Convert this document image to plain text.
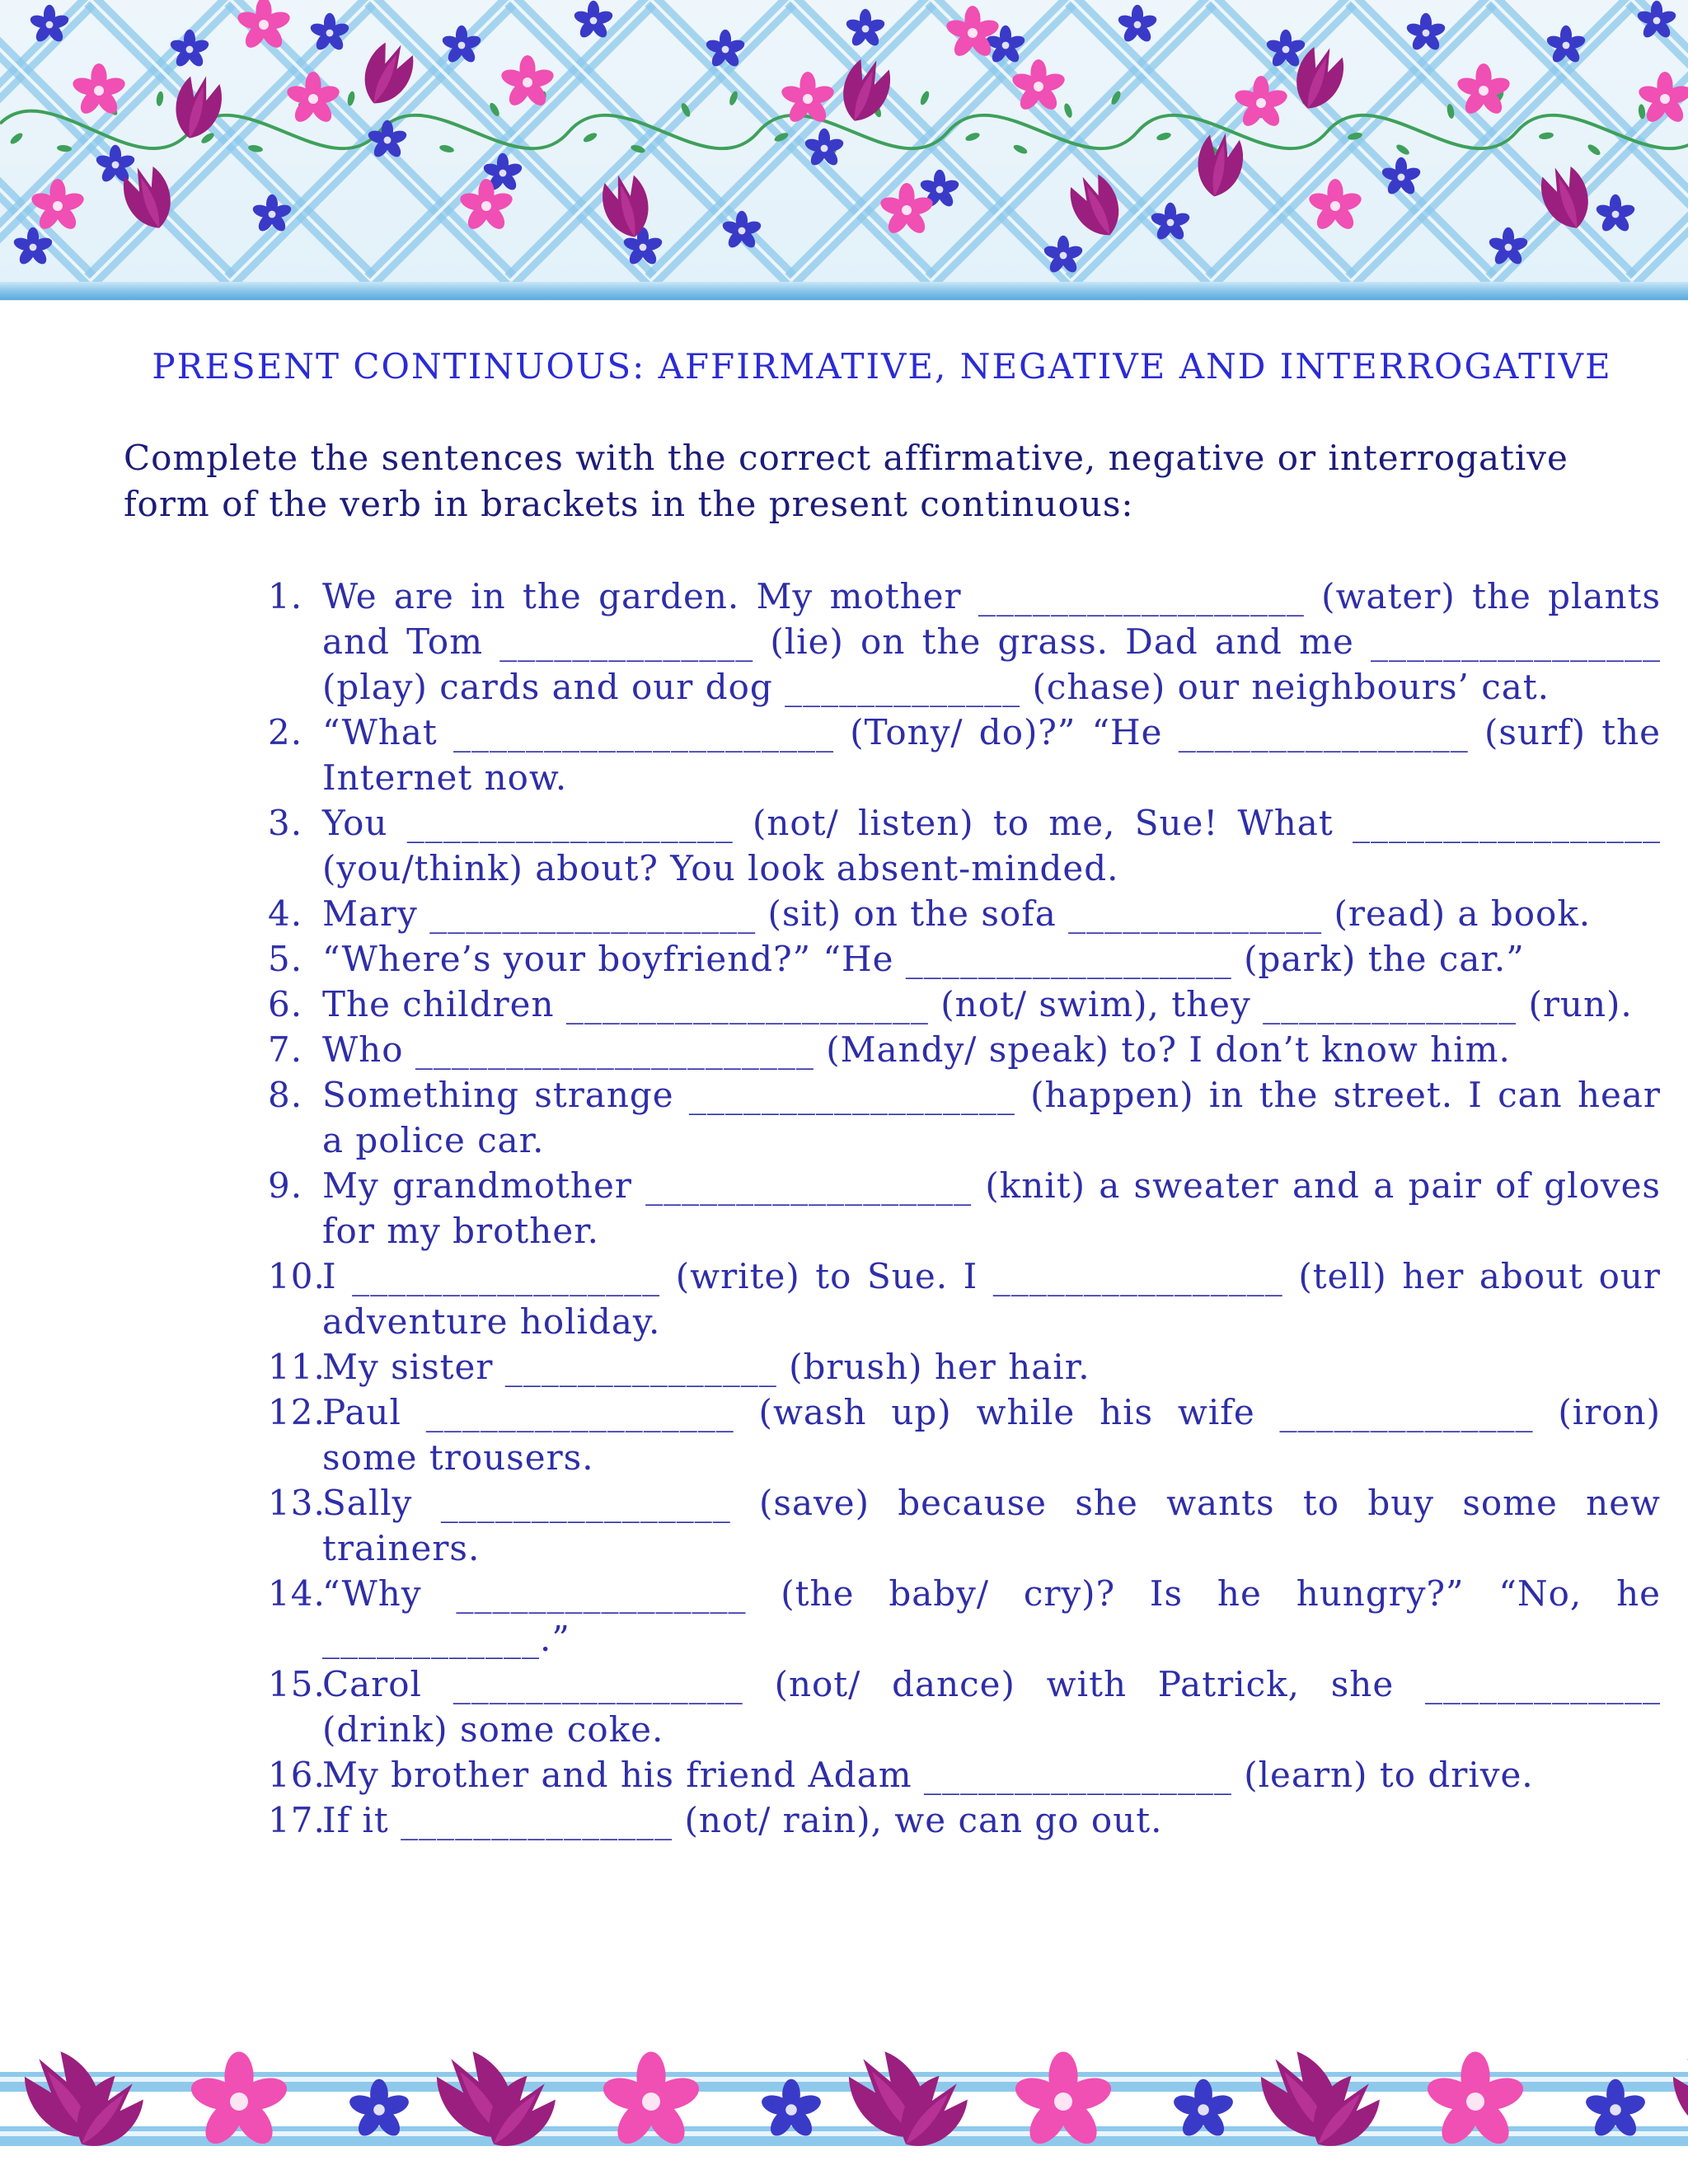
PRESENT CONTINUOUS: AFFIRMATIVE, NEGATIVE AND INTERROGATIVE
Complete the sentences with the correct affirmative, negative or interrogative form of the verb in brackets in the present continuous:
1. We are in the garden. My mother __________________ (water) the plants and Tom ______________ (lie) on the grass. Dad and me ________________ (play) cards and our dog _____________ (chase) our neighbours’ cat.
2. “What _____________________ (Tony/ do)?” “He ________________ (surf) the Internet now.
3. You __________________ (not/ listen) to me, Sue! What _________________ (you/think) about? You look absent-minded.
4. Mary __________________ (sit) on the sofa ______________ (read) a book.
5. “Where’s your boyfriend?” “He __________________ (park) the car.”
6. The children ____________________ (not/ swim), they ______________ (run).
7. Who ______________________ (Mandy/ speak) to? I don’t know him.
8. Something strange __________________ (happen) in the street. I can hear a police car.
9. My grandmother __________________ (knit) a sweater and a pair of gloves for my brother.
10.
I _________________ (write) to Sue. I ________________ (tell) her about our adventure holiday.
11.
My sister _______________ (brush) her hair.
12.
Paul _________________ (wash up) while his wife ______________ (iron) some trousers.
13.
Sally ________________ (save) because she wants to buy some new trainers.
14.
“Why ________________ (the baby/ cry)? Is he hungry?” “No, he ____________.”
15.
Carol ________________ (not/ dance) with Patrick, she _____________ (drink) some coke.
16.
My brother and his friend Adam _________________ (learn) to drive.
17.
If it _______________ (not/ rain), we can go out.
